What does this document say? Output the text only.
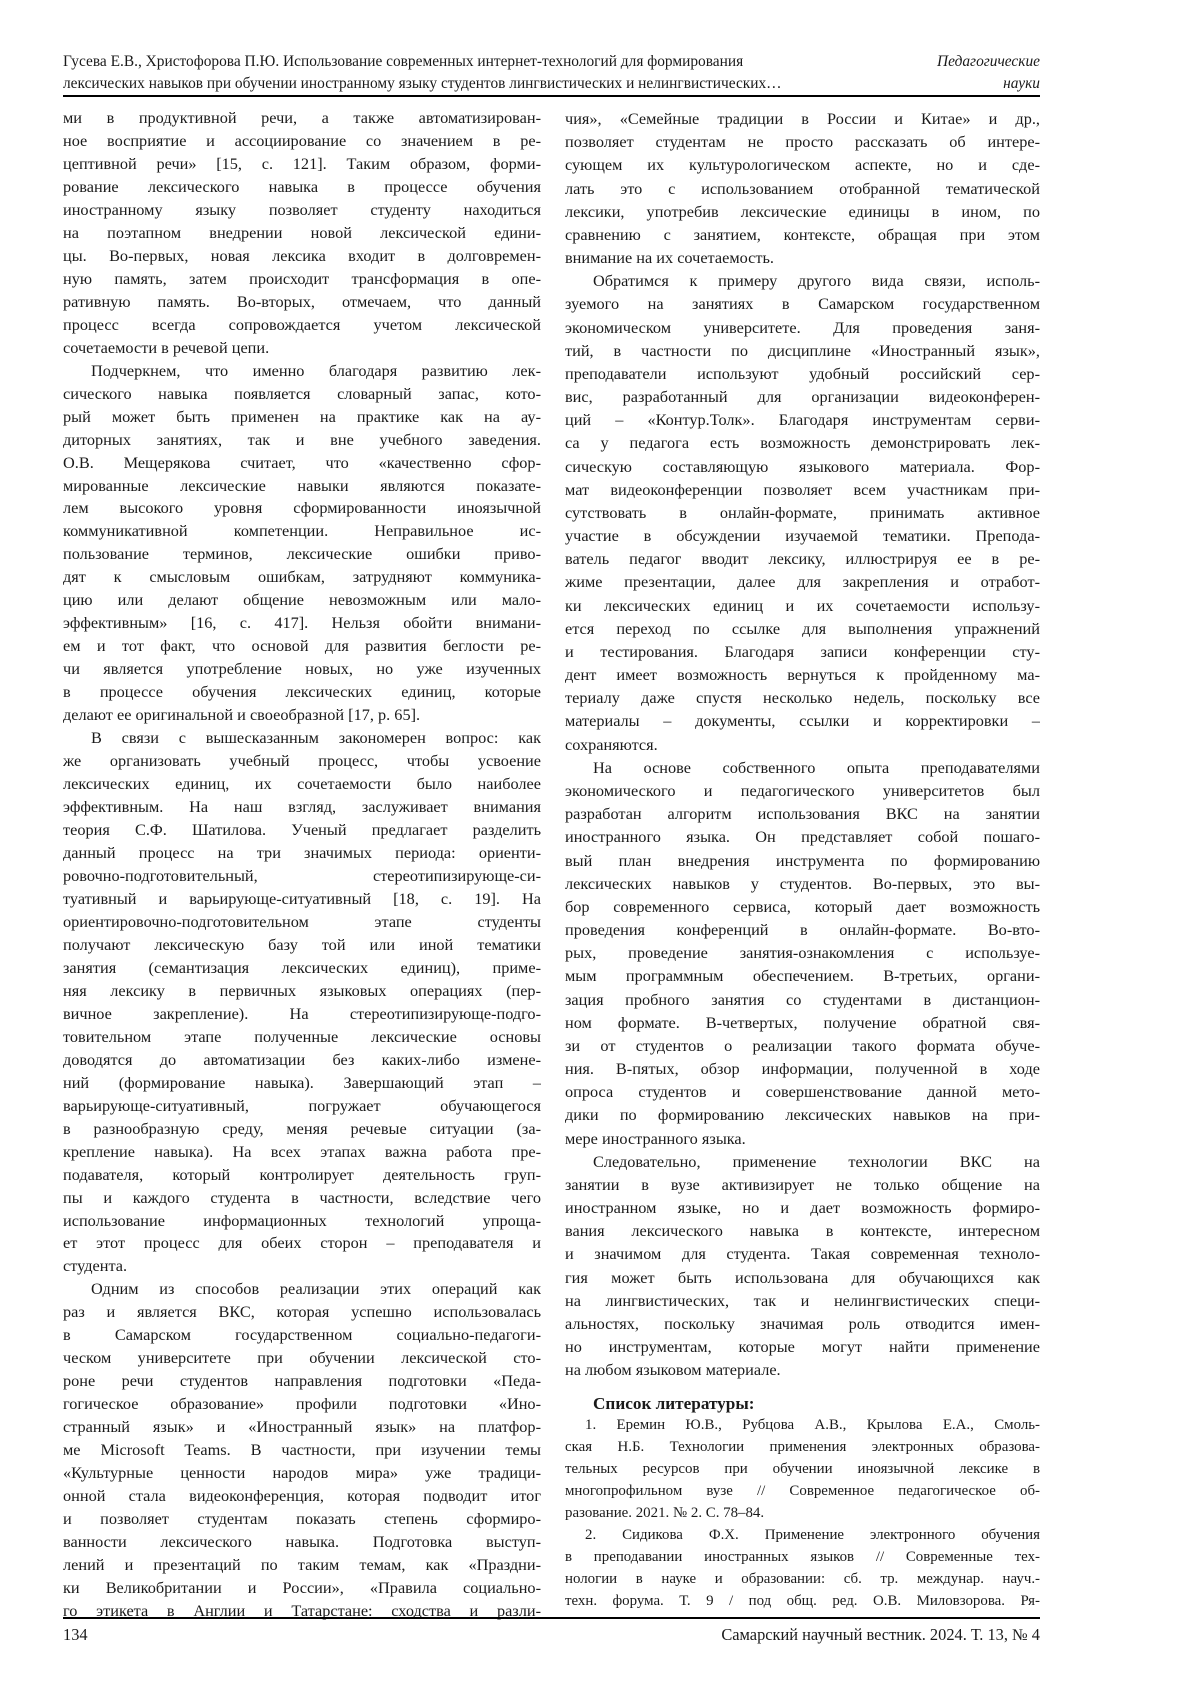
Гусева Е.В., Христофорова П.Ю. Использование современных интернет-технологий для формирования	Педагогические
лексических навыков при обучении иностранному языку студентов лингвистических и нелингвистических…	науки
ми в продуктивной речи, а также автоматизирован-
ное восприятие и ассоциирование со значением в ре-
цептивной речи» [15, с. 121]. Таким образом, форми-
рование лексического навыка в процессе обучения
иностранному языку позволяет студенту находиться
на поэтапном внедрении новой лексической едини-
цы. Во-первых, новая лексика входит в долговремен-
ную память, затем происходит трансформация в опе-
ративную память. Во-вторых, отмечаем, что данный
процесс всегда сопровождается учетом лексической
сочетаемости в речевой цепи.
Подчеркнем, что именно благодаря развитию лек-
сического навыка появляется словарный запас, кото-
рый может быть применен на практике как на ау-
диторных занятиях, так и вне учебного заведения.
О.В. Мещерякова считает, что «качественно сфор-
мированные лексические навыки являются показате-
лем высокого уровня сформированности иноязычной
коммуникативной компетенции. Неправильное ис-
пользование терминов, лексические ошибки приво-
дят к смысловым ошибкам, затрудняют коммуника-
цию или делают общение невозможным или мало-
эффективным» [16, с. 417]. Нельзя обойти внимани-
ем и тот факт, что основой для развития беглости ре-
чи является употребление новых, но уже изученных
в процессе обучения лексических единиц, которые
делают ее оригинальной и своеобразной [17, p. 65].
В связи с вышесказанным закономерен вопрос: как
же организовать учебный процесс, чтобы усвоение
лексических единиц, их сочетаемости было наиболее
эффективным. На наш взгляд, заслуживает внимания
теория С.Ф. Шатилова. Ученый предлагает разделить
данный процесс на три значимых периода: ориенти-
ровочно-подготовительный, стереотипизирующе-си-
туативный и варьирующе-ситуативный [18, с. 19]. На
ориентировочно-подготовительном этапе студенты
получают лексическую базу той или иной тематики
занятия (семантизация лексических единиц), приме-
няя лексику в первичных языковых операциях (пер-
вичное закрепление). На стереотипизирующе-подго-
товительном этапе полученные лексические основы
доводятся до автоматизации без каких-либо измене-
ний (формирование навыка). Завершающий этап –
варьирующе-ситуативный, погружает обучающегося
в разнообразную среду, меняя речевые ситуации (за-
крепление навыка). На всех этапах важна работа пре-
подавателя, который контролирует деятельность груп-
пы и каждого студента в частности, вследствие чего
использование информационных технологий упроща-
ет этот процесс для обеих сторон – преподавателя и
студента.
Одним из способов реализации этих операций как
раз и является ВКС, которая успешно использовалась
в Самарском государственном социально-педагоги-
ческом университете при обучении лексической сто-
роне речи студентов направления подготовки «Педа-
гогическое образование» профили подготовки «Ино-
странный язык» и «Иностранный язык» на платфор-
ме Microsoft Teams. В частности, при изучении темы
«Культурные ценности народов мира» уже традици-
онной стала видеоконференция, которая подводит итог
и позволяет студентам показать степень сформиро-
ванности лексического навыка. Подготовка выступ-
лений и презентаций по таким темам, как «Праздни-
ки Великобритании и России», «Правила социально-
го этикета в Англии и Татарстане: сходства и разли-
чия», «Семейные традиции в России и Китае» и др.,
позволяет студентам не просто рассказать об интере-
сующем их культурологическом аспекте, но и сде-
лать это с использованием отобранной тематической
лексики, употребив лексические единицы в ином, по
сравнению с занятием, контексте, обращая при этом
внимание на их сочетаемость.
Обратимся к примеру другого вида связи, исполь-
зуемого на занятиях в Самарском государственном
экономическом университете. Для проведения заня-
тий, в частности по дисциплине «Иностранный язык»,
преподаватели используют удобный российский сер-
вис, разработанный для организации видеоконферен-
ций – «Контур.Толк». Благодаря инструментам серви-
са у педагога есть возможность демонстрировать лек-
сическую составляющую языкового материала. Фор-
мат видеоконференции позволяет всем участникам при-
сутствовать в онлайн-формате, принимать активное
участие в обсуждении изучаемой тематики. Препода-
ватель педагог вводит лексику, иллюстрируя ее в ре-
жиме презентации, далее для закрепления и отработ-
ки лексических единиц и их сочетаемости использу-
ется переход по ссылке для выполнения упражнений
и тестирования. Благодаря записи конференции сту-
дент имеет возможность вернуться к пройденному ма-
териалу даже спустя несколько недель, поскольку все
материалы – документы, ссылки и корректировки –
сохраняются.
На основе собственного опыта преподавателями
экономического и педагогического университетов был
разработан алгоритм использования ВКС на занятии
иностранного языка. Он представляет собой пошаго-
вый план внедрения инструмента по формированию
лексических навыков у студентов. Во-первых, это вы-
бор современного сервиса, который дает возможность
проведения конференций в онлайн-формате. Во-вто-
рых, проведение занятия-ознакомления с используе-
мым программным обеспечением. В-третьих, органи-
зация пробного занятия со студентами в дистанцион-
ном формате. В-четвертых, получение обратной свя-
зи от студентов о реализации такого формата обуче-
ния. В-пятых, обзор информации, полученной в ходе
опроса студентов и совершенствование данной мето-
дики по формированию лексических навыков на при-
мере иностранного языка.
Следовательно, применение технологии ВКС на
занятии в вузе активизирует не только общение на
иностранном языке, но и дает возможность формиро-
вания лексического навыка в контексте, интересном
и значимом для студента. Такая современная техноло-
гия может быть использована для обучающихся как
на лингвистических, так и нелингвистических специ-
альностях, поскольку значимая роль отводится имен-
но инструментам, которые могут найти применение
на любом языковом материале.
Список литературы:
1. Еремин Ю.В., Рубцова А.В., Крылова Е.А., Смоль-
ская Н.Б. Технологии применения электронных образова-
тельных ресурсов при обучении иноязычной лексике в
многопрофильном вузе // Современное педагогическое об-
разование. 2021. № 2. С. 78–84.
2. Сидикова Ф.Х. Применение электронного обучения
в преподавании иностранных языков // Современные тех-
нологии в науке и образовании: сб. тр. междунар. науч.-
техн. форума. Т. 9 / под общ. ред. О.В. Миловзорова. Ря-
134	Самарский научный вестник. 2024. Т. 13, № 4
